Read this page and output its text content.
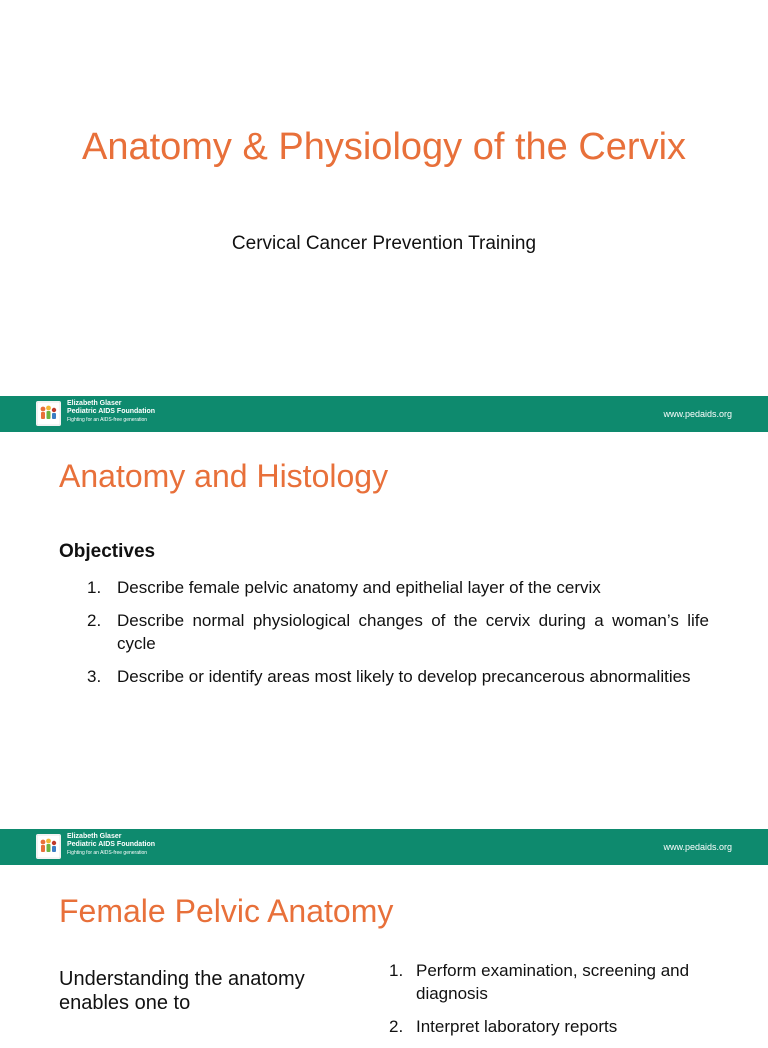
Anatomy & Physiology of the Cervix
Cervical Cancer Prevention Training
Elizabeth Glaser
Pediatric AIDS Foundation
Fighting for an AIDS-free generation
www.pedaids.org
Anatomy and Histology
Objectives
1. Describe female pelvic anatomy and epithelial layer of the cervix
2. Describe normal physiological changes of the cervix during a woman’s life cycle
3. Describe or identify areas most likely to develop precancerous abnormalities
Elizabeth Glaser
Pediatric AIDS Foundation
Fighting for an AIDS-free generation
www.pedaids.org
Female Pelvic Anatomy
Understanding the anatomy enables one to
1. Perform examination, screening and diagnosis
2. Interpret laboratory reports
